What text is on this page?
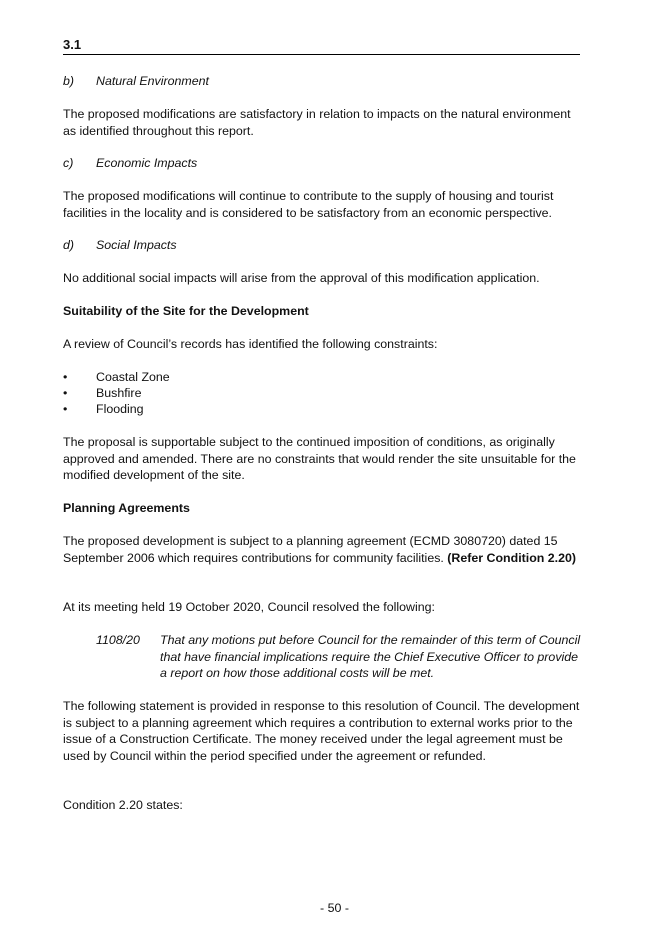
3.1
b) Natural Environment
The proposed modifications are satisfactory in relation to impacts on the natural environment as identified throughout this report.
c) Economic Impacts
The proposed modifications will continue to contribute to the supply of housing and tourist facilities in the locality and is considered to be satisfactory from an economic perspective.
d) Social Impacts
No additional social impacts will arise from the approval of this modification application.
Suitability of the Site for the Development
A review of Council’s records has identified the following constraints:
• Coastal Zone
• Bushfire
• Flooding
The proposal is supportable subject to the continued imposition of conditions, as originally approved and amended. There are no constraints that would render the site unsuitable for the modified development of the site.
Planning Agreements
The proposed development is subject to a planning agreement (ECMD 3080720) dated 15 September 2006 which requires contributions for community facilities. (Refer Condition 2.20)
At its meeting held 19 October 2020, Council resolved the following:
1108/20 That any motions put before Council for the remainder of this term of Council that have financial implications require the Chief Executive Officer to provide a report on how those additional costs will be met.
The following statement is provided in response to this resolution of Council. The development is subject to a planning agreement which requires a contribution to external works prior to the issue of a Construction Certificate. The money received under the legal agreement must be used by Council within the period specified under the agreement or refunded.
Condition 2.20 states:
- 50 -
